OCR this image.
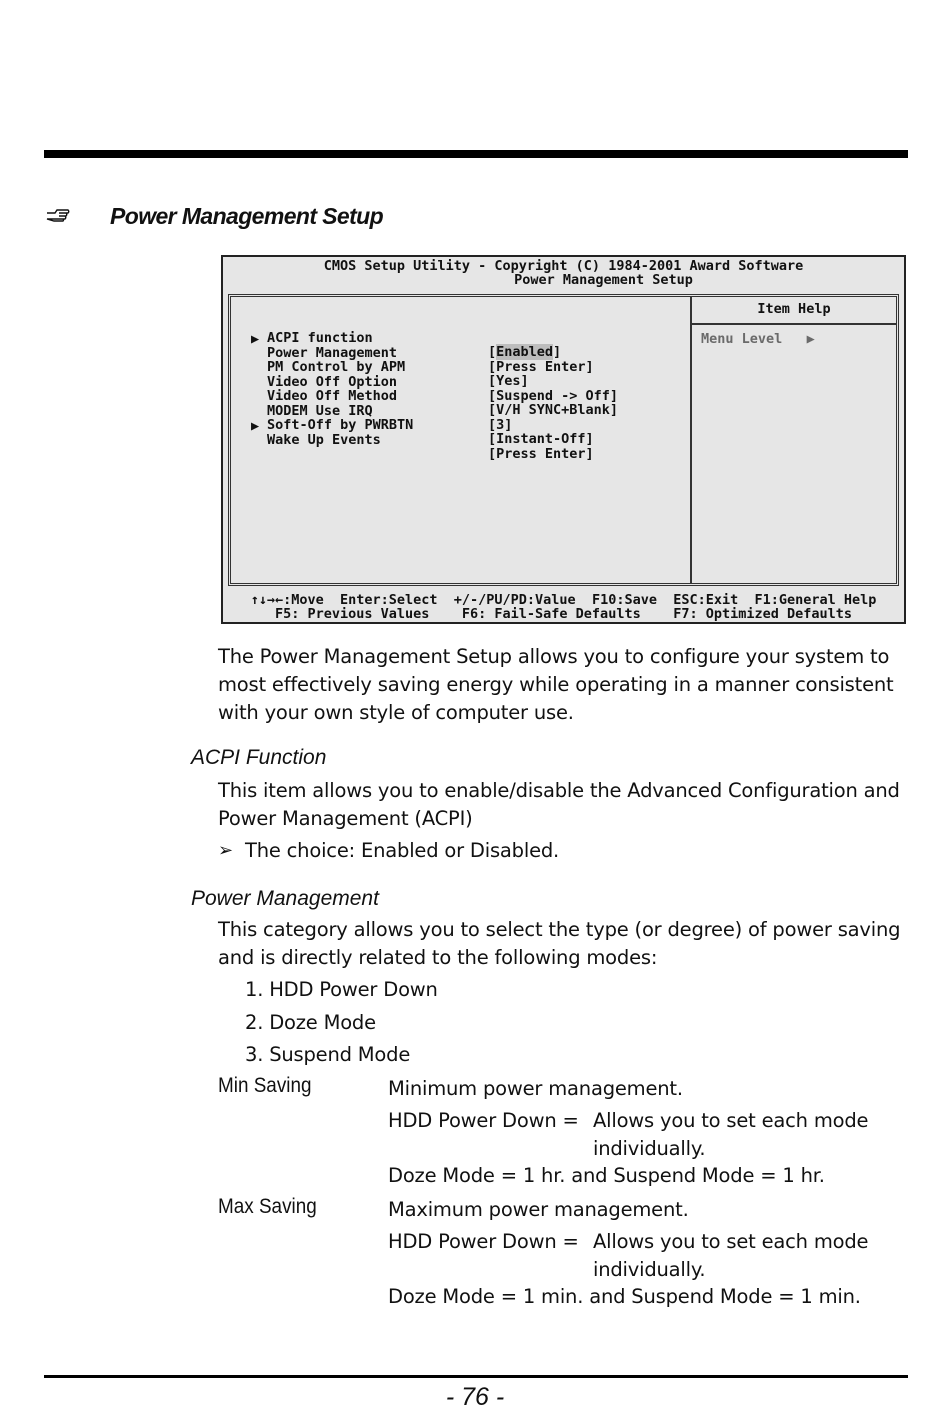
Power Management Setup
CMOS Setup Utility - Copyright (C) 1984-2001 Award Software
Power Management Setup

ACPI function

[Enabled]

▶

Power Management

[Press Enter]

PM Control by APM

[Yes]

Video Off Option

[Suspend -> Off]

Video Off Method

[V/H SYNC+Blank]

MODEM Use IRQ

[3]

Soft-Off by PWRBTN

[Instant-Off]

▶

Wake Up Events

[Press Enter]

Item Help
Menu Level   ▶
↑↓→←:Move  Enter:Select  +/-/PU/PD:Value  F10:Save  ESC:Exit  F1:General Help
F5: Previous Values    F6: Fail-Safe Defaults    F7: Optimized Defaults
The Power Management Setup allows you to configure your system to
most effectively saving energy while operating in a manner consistent
with your own style of computer use.
ACPI Function
This item allows you to enable/disable the Advanced Configuration and
Power Management (ACPI)
➢ The choice: Enabled or Disabled.
Power Management
This category allows you to select the type (or degree) of power saving
and is directly related to the following modes:
1. HDD Power Down
2. Doze Mode
3. Suspend Mode
Min Saving	Minimum power management.
HDD Power Down = Allows you to set each mode
individually.
Doze Mode = 1 hr. and Suspend Mode = 1 hr.
Max Saving	Maximum power management.
HDD Power Down = Allows you to set each mode
individually.
Doze Mode = 1 min. and Suspend Mode = 1 min.
- 76 -
